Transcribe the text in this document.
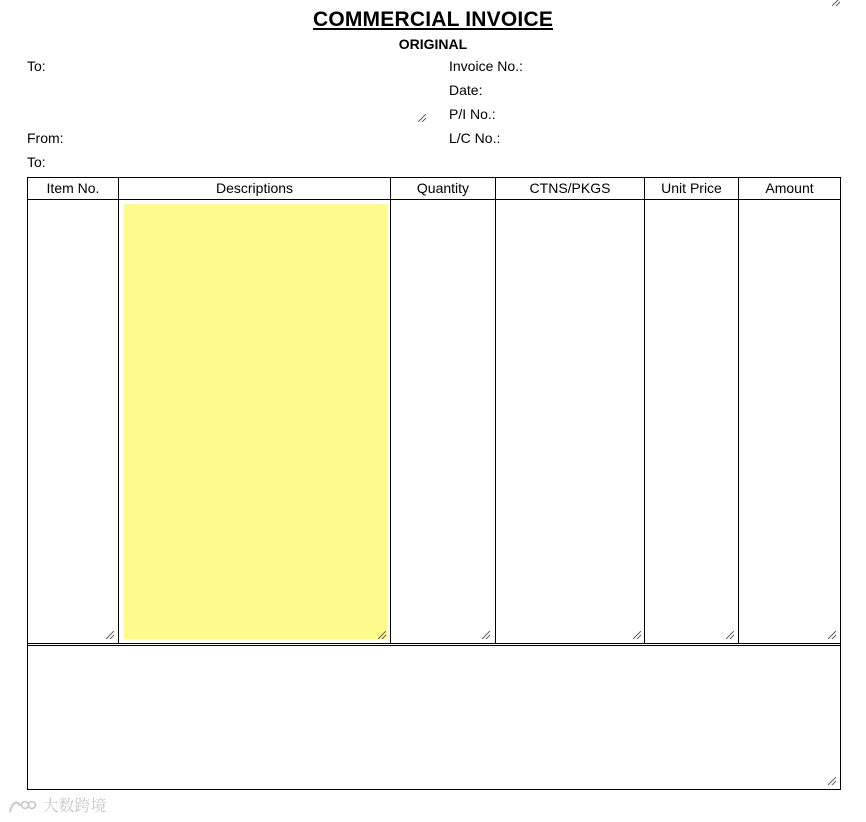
COMMERCIAL INVOICE
ORIGINAL
To:
From:
To:
Invoice No.:
Date:
P/I No.:
L/C No.:
Item No.	Descriptions	Quantity	CTNS/PKGS	Unit Price	Amount
大数跨境
